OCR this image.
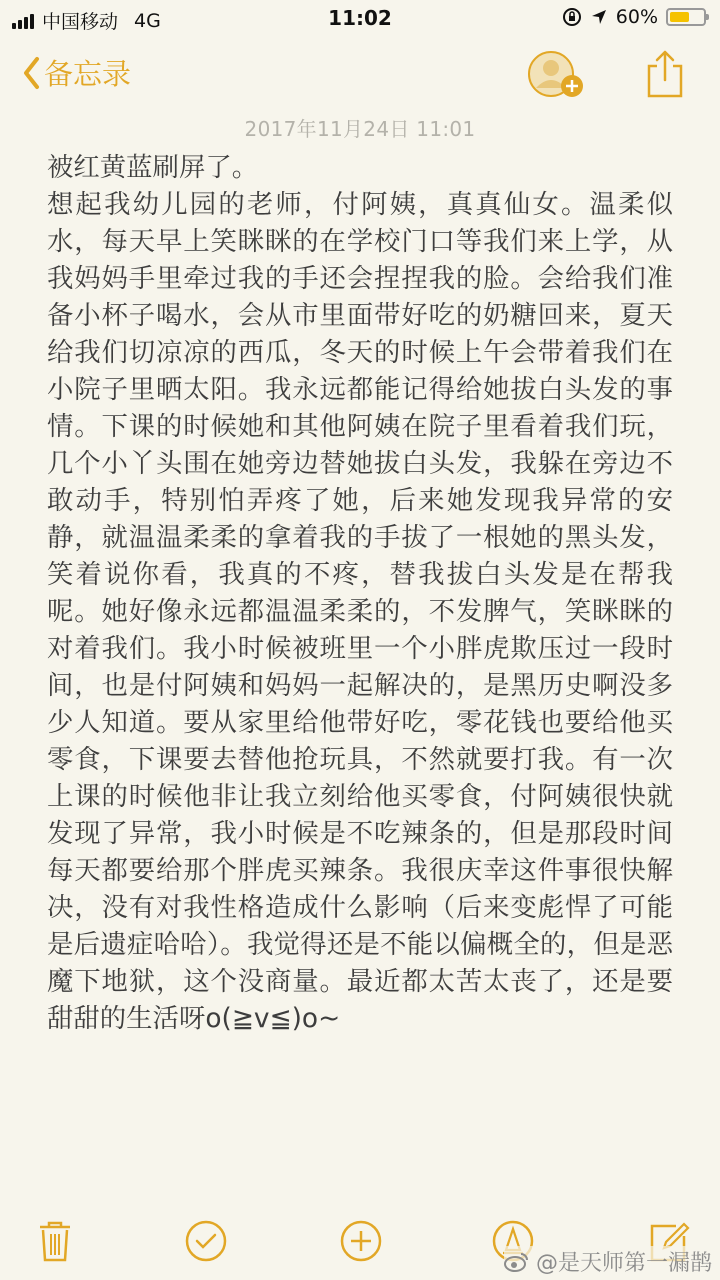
中国移动 4G	11:02	60%
备忘录
2017年11月24日 11:01

被红黄蓝刷屏了。

想起我幼儿园的老师，付阿姨，真真仙女。温柔似水，每天早上笑眯眯的在学校门口等我们来上学，从我妈妈手里牵过我的手还会捏捏我的脸。会给我们准备小杯子喝水，会从市里面带好吃的奶糖回来，夏天给我们切凉凉的西瓜，冬天的时候上午会带着我们在小院子里晒太阳。我永远都能记得给她拔白头发的事情。下课的时候她和其他阿姨在院子里看着我们玩，几个小丫头围在她旁边替她拔白头发，我躲在旁边不敢动手，特别怕弄疼了她，后来她发现我异常的安静，就温温柔柔的拿着我的手拔了一根她的黑头发，笑着说你看，我真的不疼，替我拔白头发是在帮我呢。她好像永远都温温柔柔的，不发脾气，笑眯眯的对着我们。我小时候被班里一个小胖虎欺压过一段时间，也是付阿姨和妈妈一起解决的，是黑历史啊没多少人知道。要从家里给他带好吃，零花钱也要给他买零食，下课要去替他抢玩具，不然就要打我。有一次上课的时候他非让我立刻给他买零食，付阿姨很快就发现了异常，我小时候是不吃辣条的，但是那段时间每天都要给那个胖虎买辣条。我很庆幸这件事很快解决，没有对我性格造成什么影响（后来变彪悍了可能是后遗症哈哈）。我觉得还是不能以偏概全的，但是恶魔下地狱，这个没商量。最近都太苦太丧了，还是要甜甜的生活呀o(≧v≦)o~

@是天师第一漏鹊
